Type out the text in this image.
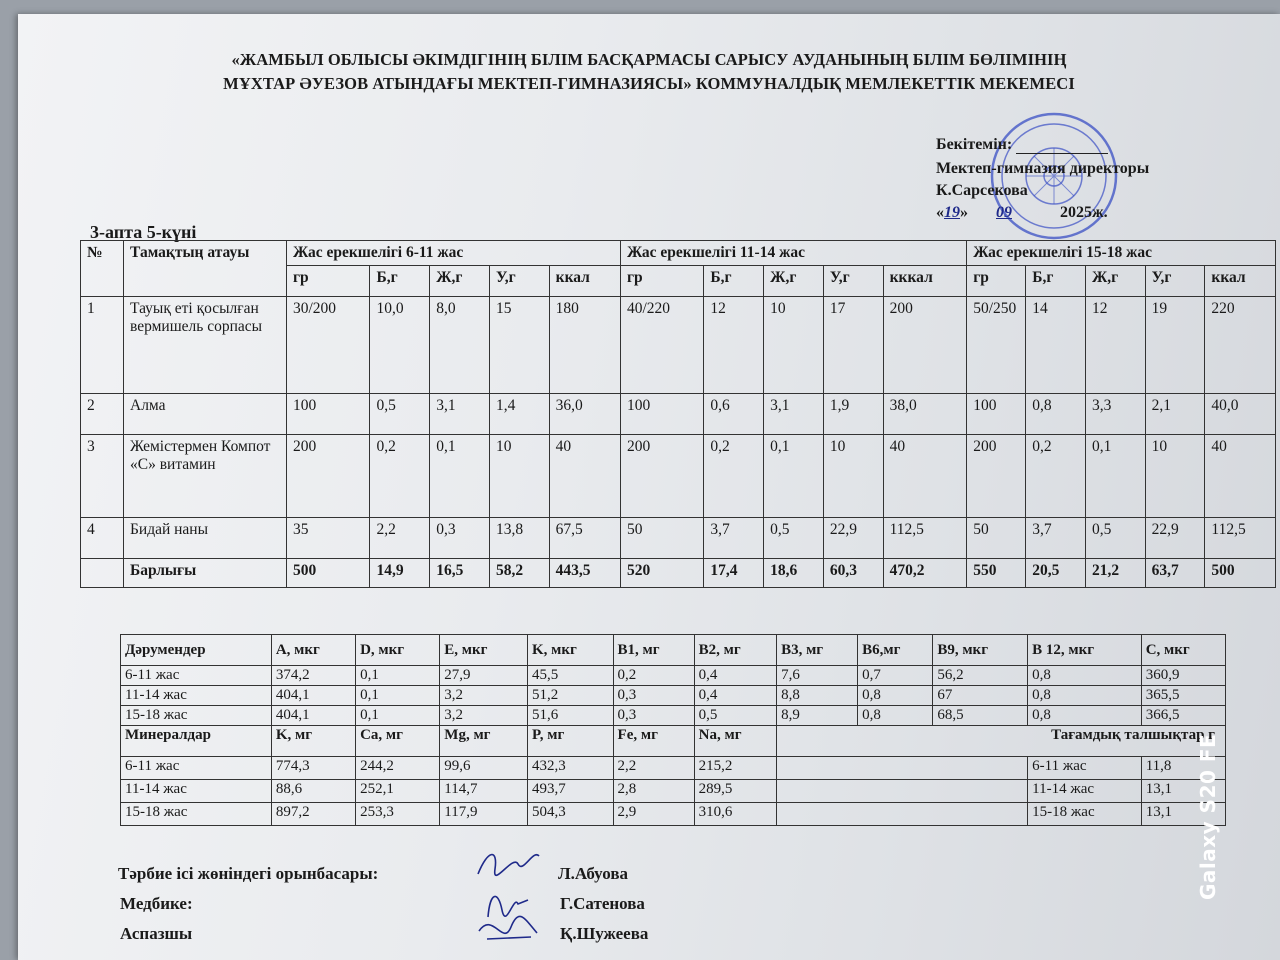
«ЖАМБЫЛ ОБЛЫСЫ ӘКІМДІГІНІҢ БІЛІМ БАСҚАРМАСЫ САРЫСУ АУДАНЫНЫҢ БІЛІМ БӨЛІМІНІҢ
МҰХТАР ӘУЕЗОВ АТЫНДАҒЫ МЕКТЕП-ГИМНАЗИЯСЫ» КОММУНАЛДЫҚ МЕМЛЕКЕТТІК МЕКЕМЕСІ
Бекітемін:
Мектеп-гимназия директоры
К.Сарсекова
«19» 09	2025ж.
3-апта 5-күні
№	Тамақтың атауы	Жас ерекшелігі 6-11 жас					Жас ерекшелігі 11-14 жас					Жас ерекшелігі 15-18 жас				
		гр	Б,г	Ж,г	У,г	ккал	гр	Б,г	Ж,г	У,г	кккал	гр	Б,г	Ж,г	У,г	ккал
1	Тауық еті қосылған вермишель сорпасы	30/200	10,0	8,0	15	180	40/220	12	10	17	200	50/250	14	12	19	220
2	Алма	100	0,5	3,1	1,4	36,0	100	0,6	3,1	1,9	38,0	100	0,8	3,3	2,1	40,0
3	Жемістермен Компот «С» витамин	200	0,2	0,1	10	40	200	0,2	0,1	10	40	200	0,2	0,1	10	40
4	Бидай наны	35	2,2	0,3	13,8	67,5	50	3,7	0,5	22,9	112,5	50	3,7	0,5	22,9	112,5
	Барлығы	500	14,9	16,5	58,2	443,5	520	17,4	18,6	60,3	470,2	550	20,5	21,2	63,7	500
Дәрумендер	A, мкг	D, мкг	E, мкг	K, мкг	B1, мг	B2, мг	B3, мг	B6,мг	B9, мкг	B 12, мкг	C, мкг
6-11 жас	374,2	0,1	27,9	45,5	0,2	0,4	7,6	0,7	56,2	0,8	360,9
11-14 жас	404,1	0,1	3,2	51,2	0,3	0,4	8,8	0,8	67	0,8	365,5
15-18 жас	404,1	0,1	3,2	51,6	0,3	0,5	8,9	0,8	68,5	0,8	366,5
Минералдар	K, мг	Ca, мг	Mg, мг	P, мг	Fe, мг	Na, мг	Тағамдық талшықтар г				
6-11 жас	774,3	244,2	99,6	432,3	2,2	215,2				6-11 жас	11,8
11-14 жас	88,6	252,1	114,7	493,7	2,8	289,5				11-14 жас	13,1
15-18 жас	897,2	253,3	117,9	504,3	2,9	310,6				15-18 жас	13,1
Тәрбие ісі жөніндегі орынбасары:	Л.Абуова
Медбике:	Г.Сатенова
Аспазшы	Қ.Шужеева
Galaxy S20 FE
